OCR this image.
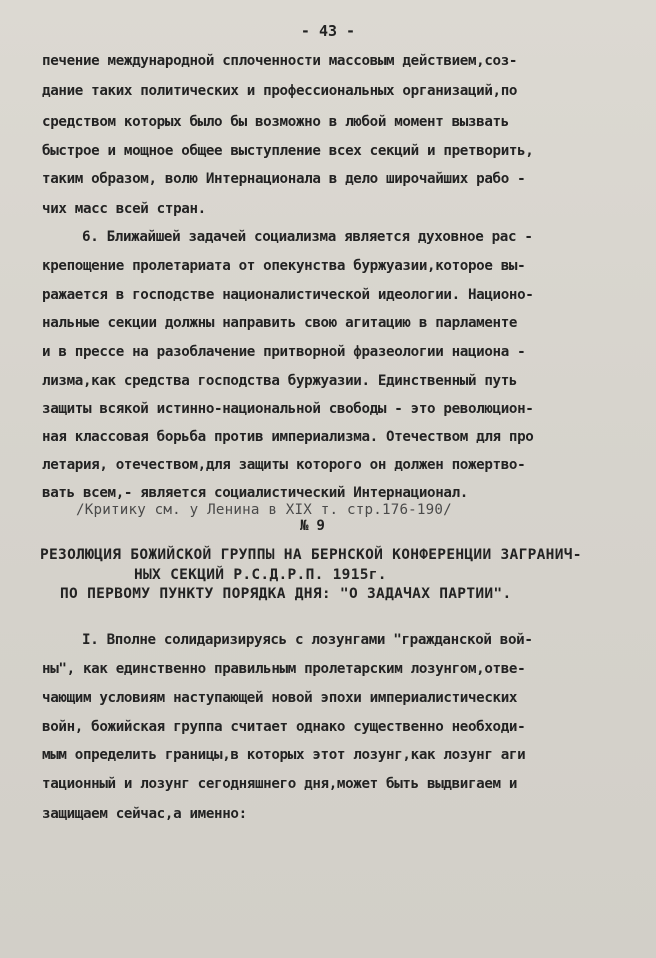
- 43 -
печение международной сплоченности массовым действием,соз-
дание таких политических и профессиональных организаций,по
средством которых было бы возможно в любой момент вызвать
быстрое и мощное общее выступление всех секций и претворить,
таким образом, волю Интернационала в дело широчайших рабо -
чих масс всей стран.
6. Ближайшей задачей социализма является духовное рас -
крепощение пролетариата от опекунства буржуазии,которое вы-
ражается в господстве националистической идеологии. Национо-
нальные секции должны направить свою агитацию в парламенте
и в прессе на разоблачение притворной фразеологии национа -
лизма,как средства господства буржуазии. Единственный путь
защиты всякой истинно-национальной свободы - это революцион-
ная классовая борьба против империализма. Отечеством для про
летария, отечеством,для защиты которого он должен пожертво-
вать всем,- является социалистический Интернационал.
/Критику см. у Ленина в XIX т. стр.176-190/
№ 9
РЕЗОЛЮЦИЯ БОЖИЙСКОЙ ГРУППЫ НА БЕРНСКОЙ КОНФЕРЕНЦИИ ЗАГРАНИЧ-
НЫХ СЕКЦИЙ Р.С.Д.Р.П. 1915г.
ПО ПЕРВОМУ ПУНКТУ ПОРЯДКА ДНЯ: "О ЗАДАЧАХ ПАРТИИ".
I. Вполне солидаризируясь с лозунгами "гражданской вой-
ны", как единственно правильным пролетарским лозунгом,отве-
чающим условиям наступающей новой эпохи империалистических
войн, божийская группа считает однако существенно необходи-
мым определить границы,в которых этот лозунг,как лозунг аги
тационный и лозунг сегодняшнего дня,может быть выдвигаем и
защищаем сейчас,а именно:
